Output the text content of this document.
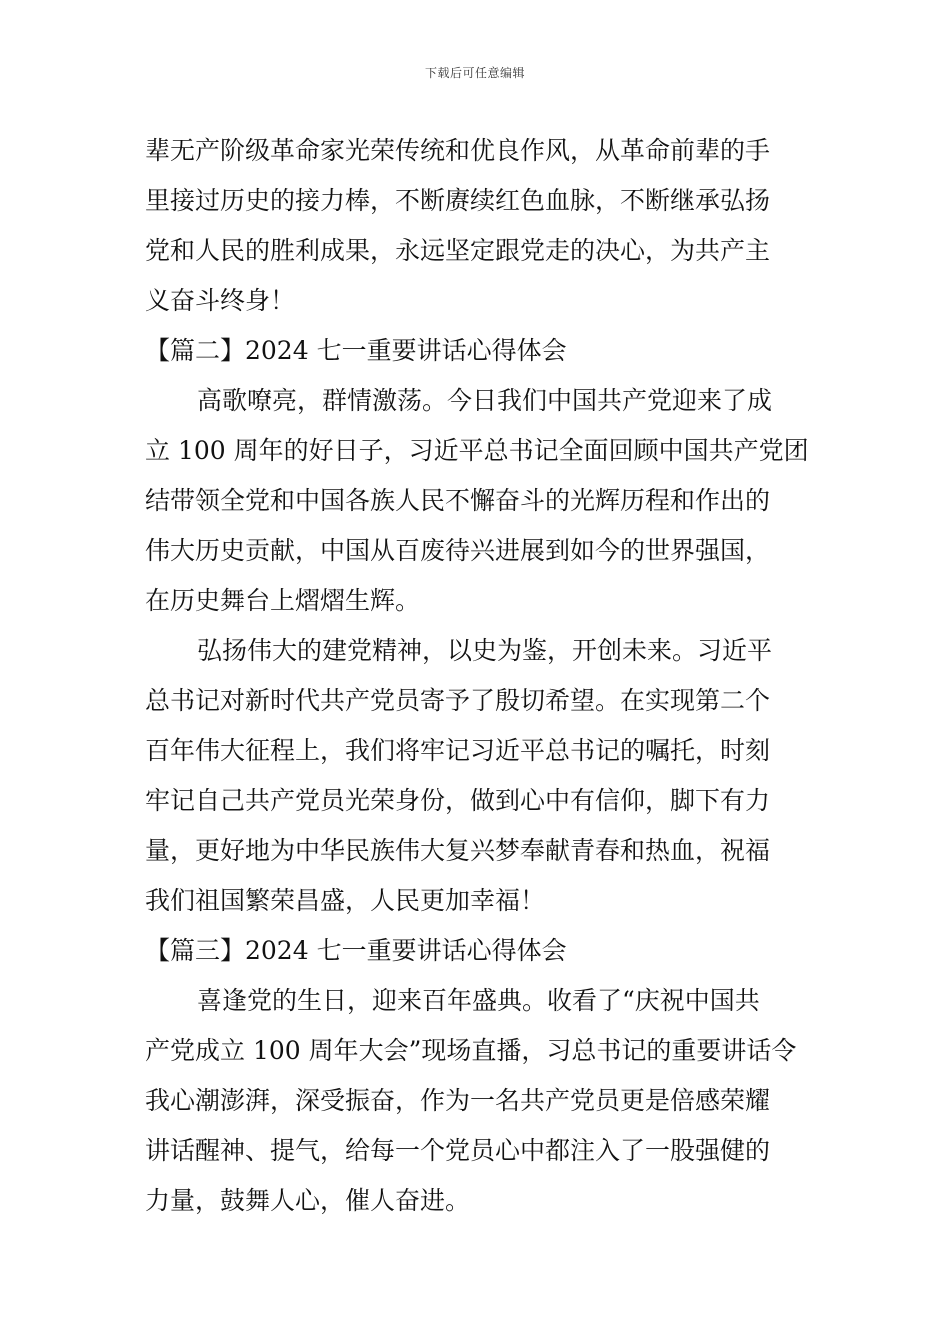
下载后可任意编辑
辈无产阶级革命家光荣传统和优良作风，从革命前辈的手
里接过历史的接力棒，不断赓续红色血脉，不断继承弘扬
党和人民的胜利成果，永远坚定跟党走的决心，为共产主
义奋斗终身！
【篇二】2024 七一重要讲话心得体会
高歌嘹亮，群情激荡。今日我们中国共产党迎来了成
立 100 周年的好日子，习近平总书记全面回顾中国共产党团
结带领全党和中国各族人民不懈奋斗的光辉历程和作出的
伟大历史贡献，中国从百废待兴进展到如今的世界强国，
在历史舞台上熠熠生辉。
弘扬伟大的建党精神，以史为鉴，开创未来。习近平
总书记对新时代共产党员寄予了殷切希望。在实现第二个
百年伟大征程上，我们将牢记习近平总书记的嘱托，时刻
牢记自己共产党员光荣身份，做到心中有信仰，脚下有力
量，更好地为中华民族伟大复兴梦奉献青春和热血，祝福
我们祖国繁荣昌盛，人民更加幸福！
【篇三】2024 七一重要讲话心得体会
喜逢党的生日，迎来百年盛典。收看了“庆祝中国共
产党成立 100 周年大会”现场直播，习总书记的重要讲话令
我心潮澎湃，深受振奋，作为一名共产党员更是倍感荣耀
讲话醒神、提气，给每一个党员心中都注入了一股强健的
力量，鼓舞人心，催人奋进。
